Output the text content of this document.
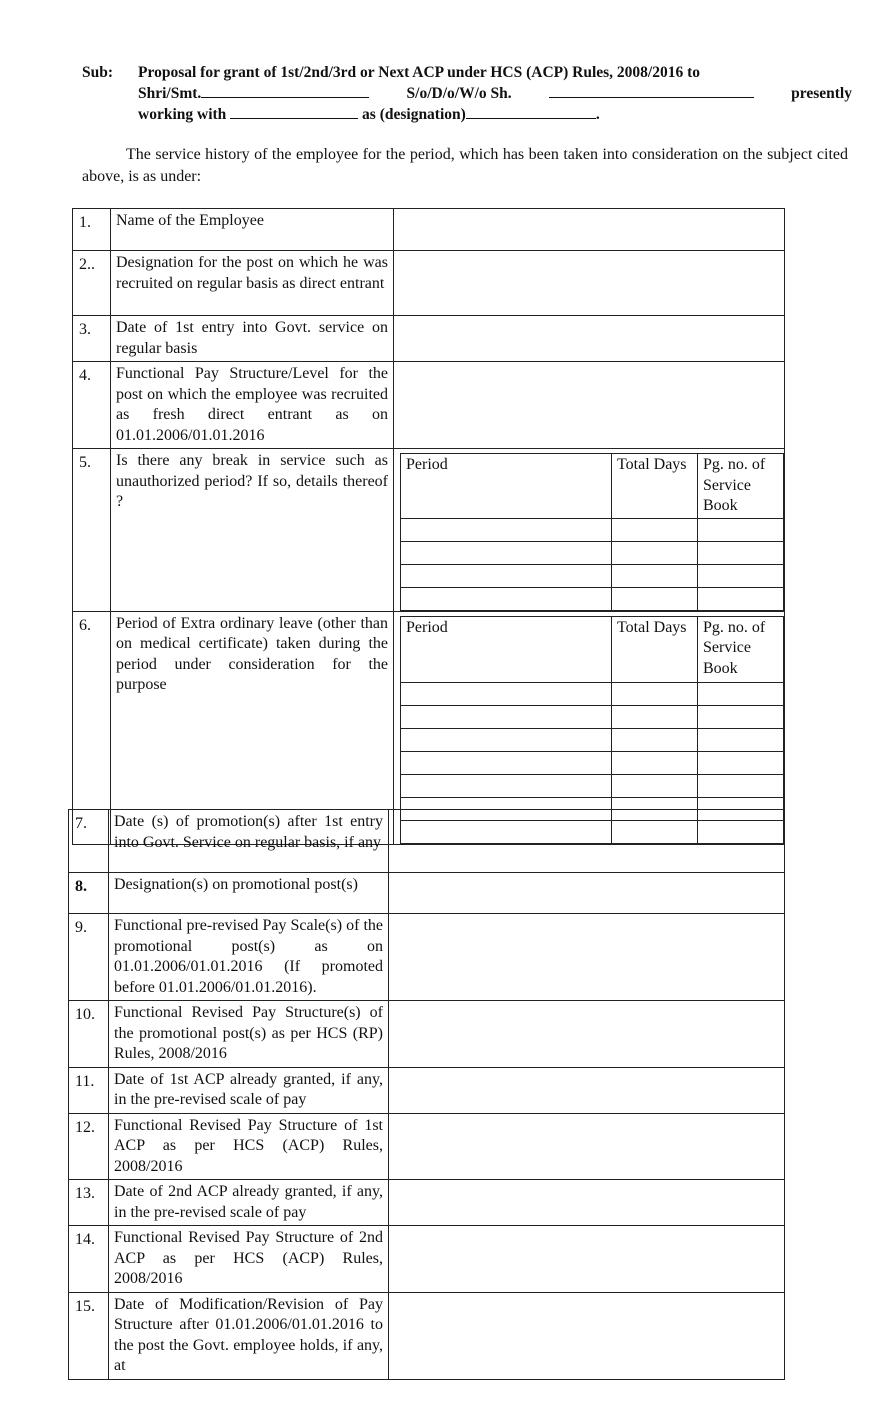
Sub: Proposal for grant of 1st/2nd/3rd or Next ACP under HCS (ACP) Rules, 2008/2016 to
Shri/Smt.	S/o/D/o/W/o Sh.	presently
working with	as (designation)	.
The service history of the employee for the period, which has been taken into consideration on the subject cited above, is as under:
1.	Name of the Employee	
2..	Designation for the post on which he was recruited on regular basis as direct entrant	
3.	Date of 1st entry into Govt. service on regular basis	
4.	Functional Pay Structure/Level for the post on which the employee was recruited as fresh direct entrant as on 01.01.2006/01.01.2016	
5.	Is there any break in service such as unauthorized period? If so, details thereof ?	
Period	Total Days	Pg. no. of Service Book

6.	Period of Extra ordinary leave (other than on medical certificate) taken during the period under consideration for the purpose	
Period	Total Days	Pg. no. of Service Book

7.	Date (s) of promotion(s) after 1st entry into Govt. Service on regular basis, if any	
8.	Designation(s) on promotional post(s)	
9.	Functional pre-revised Pay Scale(s) of the promotional post(s) as on 01.01.2006/01.01.2016 (If promoted before 01.01.2006/01.01.2016).	
10.	Functional Revised Pay Structure(s) of the promotional post(s) as per HCS (RP) Rules, 2008/2016	
11.	Date of 1st ACP already granted, if any, in the pre-revised scale of pay	
12.	Functional Revised Pay Structure of 1st ACP as per HCS (ACP) Rules, 2008/2016	
13.	Date of 2nd ACP already granted, if any, in the pre-revised scale of pay	
14.	Functional Revised Pay Structure of 2nd ACP as per HCS (ACP) Rules, 2008/2016	
15.	Date of Modification/Revision of Pay Structure after 01.01.2006/01.01.2016 to the post the Govt. employee holds, if any, at	
